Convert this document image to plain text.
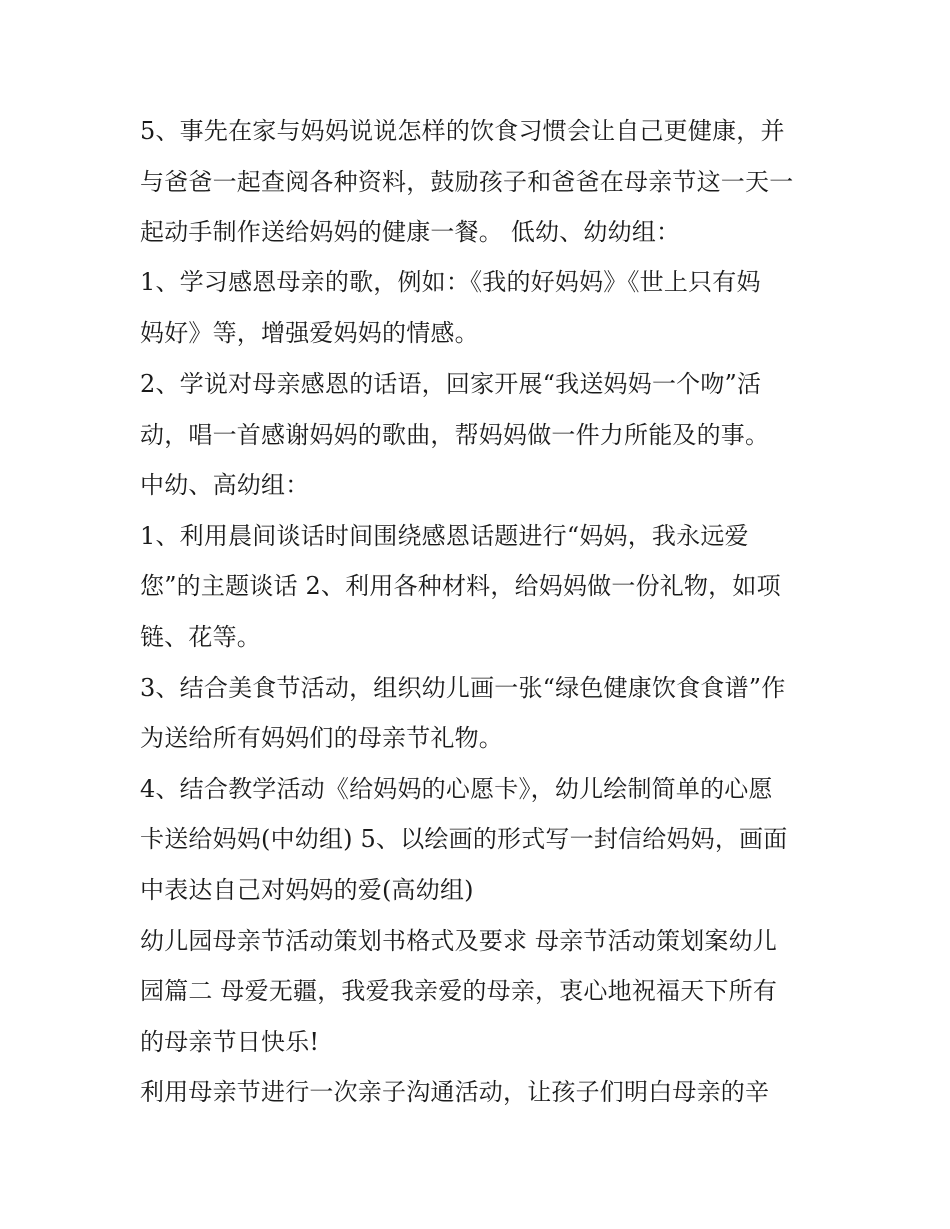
5、事先在家与妈妈说说怎样的饮食习惯会让自己更健康，并
与爸爸一起查阅各种资料，鼓励孩子和爸爸在母亲节这一天一
起动手制作送给妈妈的健康一餐。 低幼、幼幼组：
1、学习感恩母亲的歌，例如：《我的好妈妈》《世上只有妈
妈好》等，增强爱妈妈的情感。
2、学说对母亲感恩的话语，回家开展“我送妈妈一个吻”活
动，唱一首感谢妈妈的歌曲，帮妈妈做一件力所能及的事。
中幼、高幼组：
1、利用晨间谈话时间围绕感恩话题进行“妈妈，我永远爱
您”的主题谈话 2、利用各种材料，给妈妈做一份礼物，如项
链、花等。
3、结合美食节活动，组织幼儿画一张“绿色健康饮食食谱”作
为送给所有妈妈们的母亲节礼物。
4、结合教学活动《给妈妈的心愿卡》，幼儿绘制简单的心愿
卡送给妈妈(中幼组) 5、以绘画的形式写一封信给妈妈，画面
中表达自己对妈妈的爱(高幼组)
幼儿园母亲节活动策划书格式及要求 母亲节活动策划案幼儿
园篇二 母爱无疆，我爱我亲爱的母亲，衷心地祝福天下所有
的母亲节日快乐!
利用母亲节进行一次亲子沟通活动，让孩子们明白母亲的辛
